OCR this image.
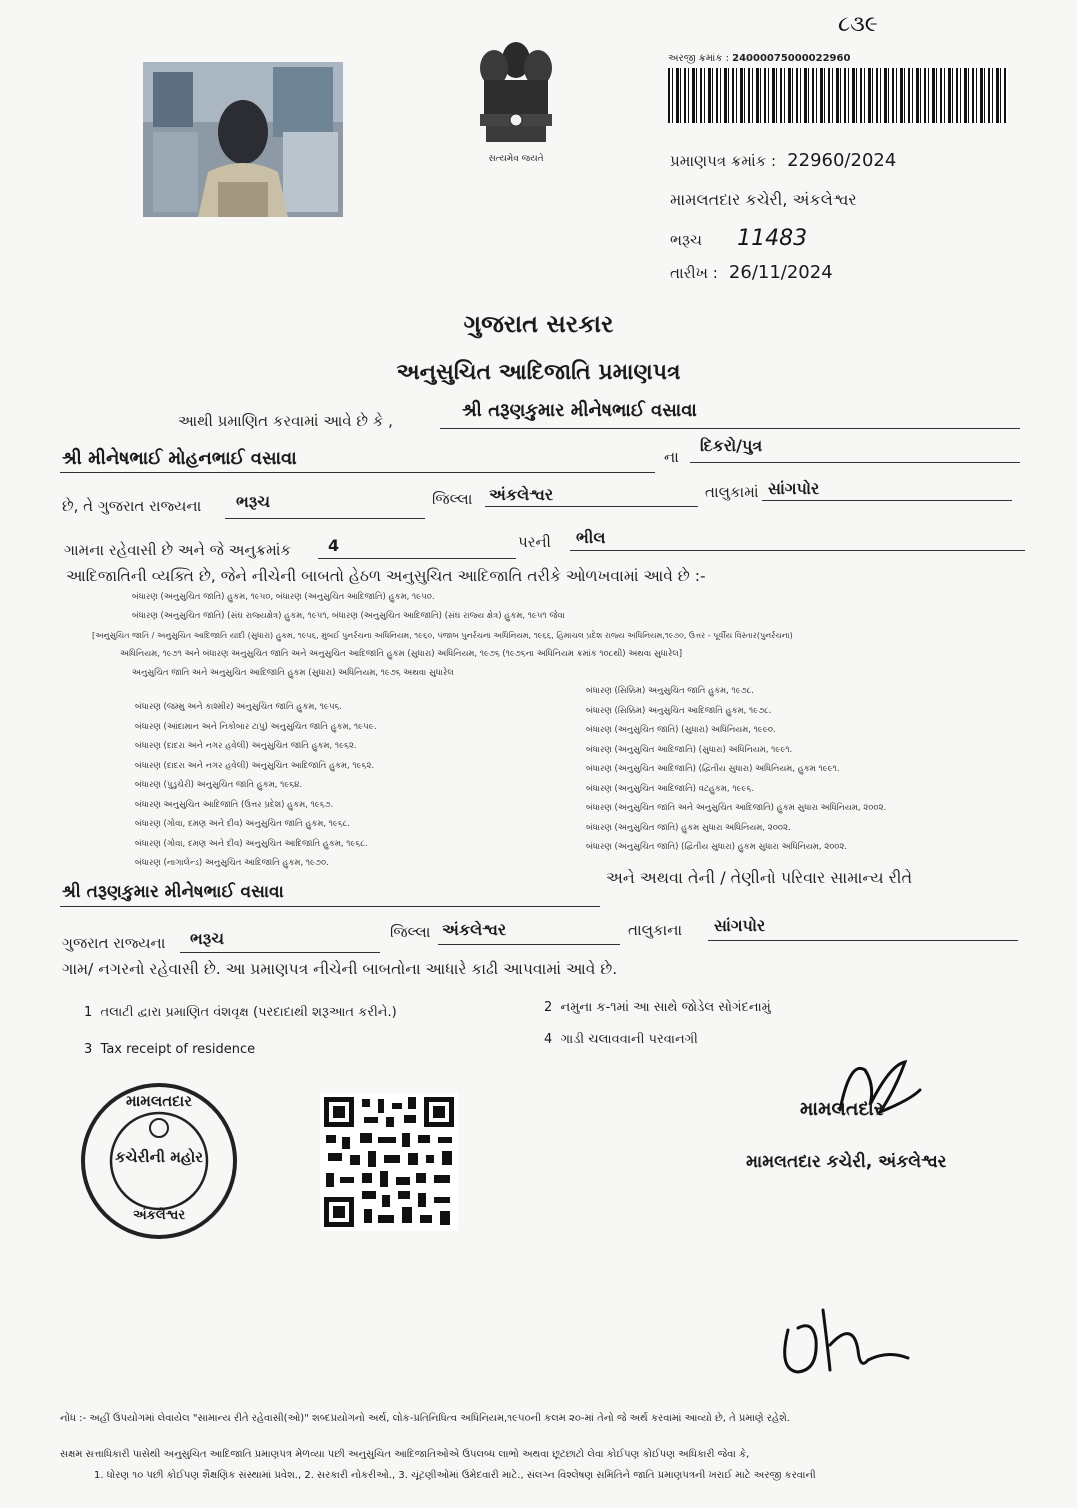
સત્યમેવ જયતે
૮૩૯
અરજી ક્રમાંક : 24000075000022960
પ્રમાણપત્ર ક્રમાંક : 22960/2024
મામલતદાર કચેરી, અંકલેશ્વર
ભરૂચ 11483
તારીખ : 26/11/2024
ગુજરાત સરકાર
અનુસુચિત આદિજાતિ પ્રમાણપત્ર
આથી પ્રમાણિત કરવામાં આવે છે કે ,	શ્રી તરૂણકુમાર મીનેષભાઈ વસાવા
શ્રી મીનેષભાઈ મોહનભાઈ વસાવા	ના
દિકરો/પુત્ર
છે, તે ગુજરાત રાજ્યના ભરૂચ	જિલ્લા અંકલેશ્વર	તાલુકામાં સાંગપોર
ગામના રહેવાસી છે અને જે અનુક્રમાંક 4	પરની ભીલ
આદિજાતિની વ્યક્તિ છે, જેને નીચેની બાબતો હેઠળ અનુસુચિત આદિજાતિ તરીકે ઓળખવામાં આવે છે :-
બંધારણ (અનુસુચિત જાતિ) હુકમ, ૧૯૫૦, બંધારણ (અનુસુચિત આદિજાતિ) હુકમ, ૧૯૫૦.
બંધારણ (અનુસુચિત જાતિ) (સંઘ રાજ્યક્ષેત્ર) હુકમ, ૧૯૫૧, બંધારણ (અનુસુચિત આદિજાતિ) (સંઘ રાજ્ય ક્ષેત્ર) હુકમ, ૧૯૫૧ જેવા
[અનુસુચિત જાતિ / અનુસુચિત આદિજાતિ યાદી (સુધારા) હુકમ, ૧૯૫૬, મુંબઈ પુનર્રચના અધિનિયમ, ૧૯૬૦, પંજાબ પુનર્રચના અધિનિયમ, ૧૯૬૬, હિમાચલ પ્રદેશ રાજ્ય અધિનિયમ,૧૯૭૦, ઉત્તર - પૂર્વીય વિસ્તાર(પુનર્રચના)
અધિનિયમ, ૧૯૭૧ અને બંધારણ અનુસુચિત જાતિ અને અનુસુચિત આદિજાતિ હુકમ (સુધારા) અધિનિયમ, ૧૯૭૬ (૧૯૭૬ના અધિનિયમ ક્રમાંક ૧૦૮થી) અથવા સુધારેલ]
અનુસુચિત જાતિ અને અનુસુચિત આદિજાતિ હુકમ (સુધારા) અધિનિયમ, ૧૯૭૬ અથવા સુધારેલ
બંધારણ (જમ્મુ અને કાશ્મીર) અનુસુચિત જાતિ હુકમ, ૧૯૫૬.
બંધારણ (આંદામાન અને નિકોબાર ટાપુ) અનુસુચિત જાતિ હુકમ, ૧૯૫૯.
બંધારણ (દાદરા અને નગર હવેલી) અનુસુચિત જાતિ હુકમ, ૧૯૬૨.
બંધારણ (દાદરા અને નગર હવેલી) અનુસુચિત આદિજાતિ હુકમ, ૧૯૬૨.
બંધારણ (પુડુચેરી) અનુસુચિત જાતિ હુકમ, ૧૯૬૪.
બંધારણ અનુસુચિત આદિજાતિ (ઉત્તર પ્રદેશ) હુકમ, ૧૯૬૭.
બંધારણ (ગોવા, દમણ અને દીવ) અનુસુચિત જાતિ હુકમ, ૧૯૬૮.
બંધારણ (ગોવા, દમણ અને દીવ) અનુસુચિત આદિજાતિ હુકમ, ૧૯૬૮.
બંધારણ (નાગાલેન્ડ) અનુસુચિત આદિજાતિ હુકમ, ૧૯૭૦.
બંધારણ (સિક્કિમ) અનુસુચિત જાતિ હુકમ, ૧૯૭૮.
બંધારણ (સિક્કિમ) અનુસુચિત આદિજાતિ હુકમ, ૧૯૭૮.
બંધારણ (અનુસુચિત જાતિ) (સુધારા) અધિનિયમ, ૧૯૯૦.
બંધારણ (અનુસુચિત આદિજાતિ) (સુધારા) અધિનિયમ, ૧૯૯૧.
બંધારણ (અનુસુચિત આદિજાતિ) (દ્વિતીય સુધારા) અધિનિયમ, હુકમ ૧૯૯૧.
બંધારણ (અનુસુચિત આદિજાતિ) વટહુકમ, ૧૯૯૬.
બંધારણ (અનુસુચિત જાતિ અને અનુસુચિત આદિજાતિ) હુકમ સુધારા અધિનિયમ, ૨૦૦૨.
બંધારણ (અનુસુચિત જાતિ) હુકમ સુધારા અધિનિયમ, ૨૦૦૨.
બંધારણ (અનુસુચિત જાતિ) (દ્વિતીય સુધારા) હુકમ સુધારા અધિનિયમ, ૨૦૦૨.
શ્રી તરૂણકુમાર મીનેષભાઈ વસાવા
અને અથવા તેની / તેણીનો પરિવાર સામાન્ય રીતે
ગુજરાત રાજ્યના ભરૂચ	જિલ્લા અંકલેશ્વર	તાલુકાના સાંગપોર
ગામ/ નગરનો રહેવાસી છે. આ પ્રમાણપત્ર નીચેની બાબતોના આધારે કાઢી આપવામાં આવે છે.
1 તલાટી દ્વારા પ્રમાણિત વંશવૃક્ષ (પરદાદાથી શરૂઆત કરીને.)	2 નમુના ક-૧માં આ સાથે જોડેલ સોગંદનામું
3 Tax receipt of residence
4 ગાડી ચલાવવાની પરવાનગી
મામલતદાર
કચેરીની મહોર
અંકલેશ્વર
મામલતદાર
મામલતદાર કચેરી, અંકલેશ્વર
નોંધ :- અહીં ઉપયોગમાં લેવાયેલ "સામાન્ય રીતે રહેવાસી(ઓ)" શબ્દપ્રયોગનો અર્થ, લોક-પ્રતિનિધિત્વ અધિનિયમ,૧૯૫૦ની કલમ ૨૦-માં તેનો જે અર્થ કરવામાં આવ્યો છે, તે પ્રમાણે રહેશે.
સક્ષમ સત્તાધિકારી પાસેથી અનુસુચિત આદિજાતિ પ્રમાણપત્ર મેળવ્યા પછી અનુસુચિત આદિજાતિઓએ ઉપલબ્ધ લાભો અથવા છૂટછાટો લેવા કોઈપણ કોઈપણ અધિકારી જેવા કે,
1. ધોરણ ૧૦ પછી કોઈપણ શૈક્ષણિક સંસ્થામાં પ્રવેશ., 2. સરકારી નોકરીઓ., 3. ચૂંટણીઓમાં ઉમેદવારી માટે., સંલગ્ન વિશ્લેષણ સમિતિને જાતિ પ્રમાણપત્રની ખરાઈ માટે અરજી કરવાની
